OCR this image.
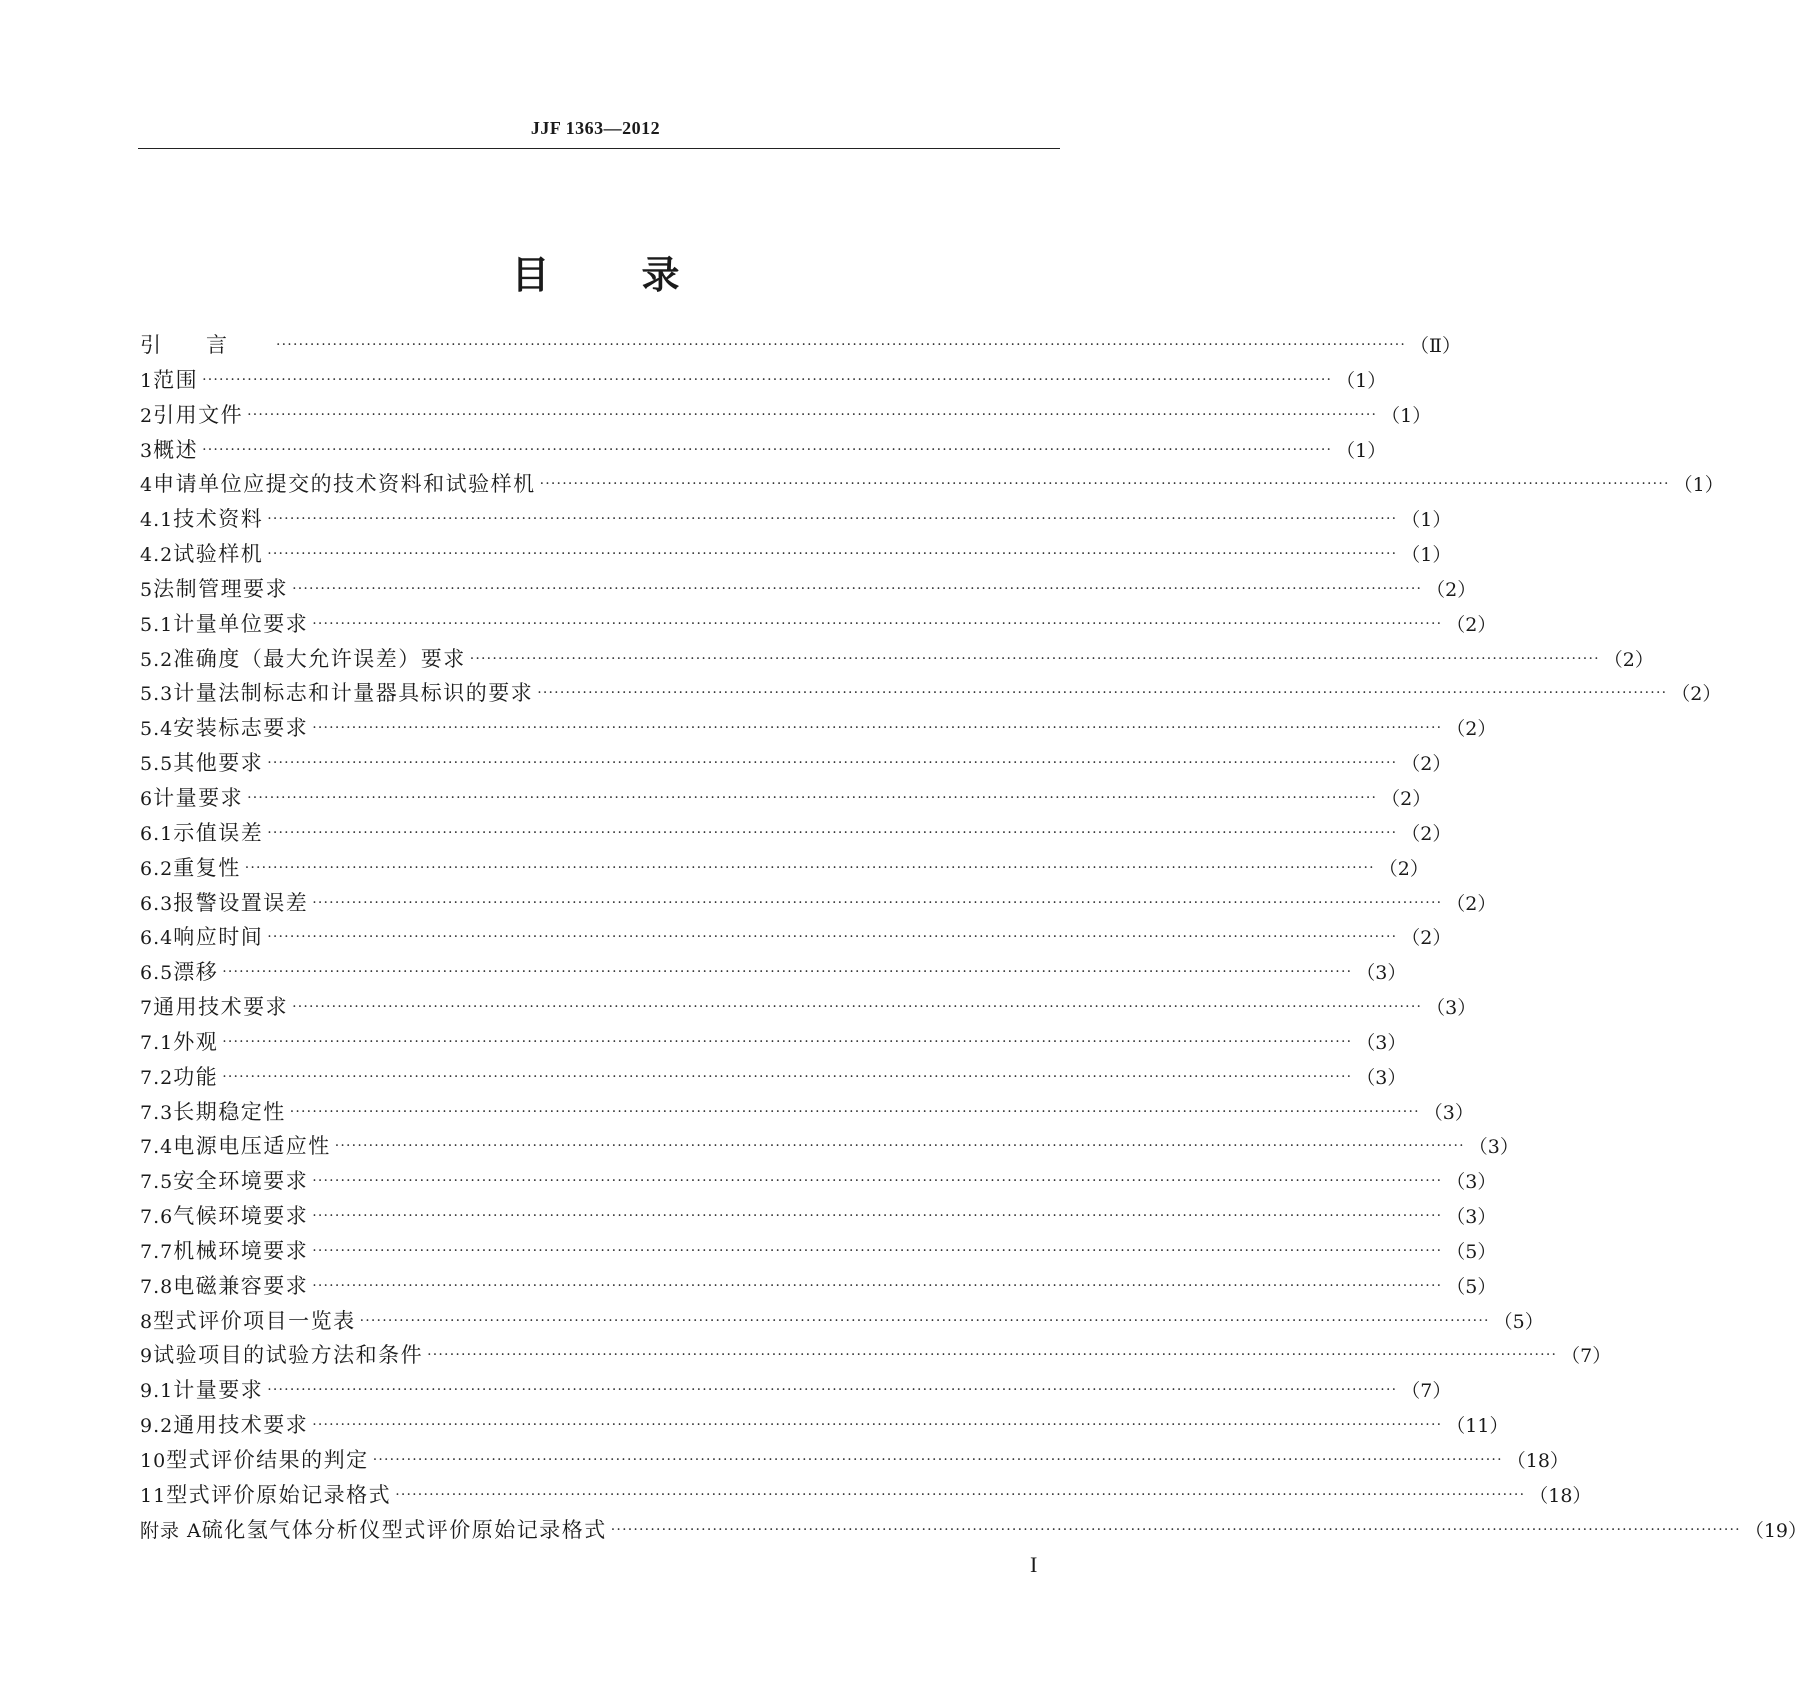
JJF 1363—2012
目 录
引言 ········································································································································································································ （Ⅱ）
1 范围 ········································································································································································································ （1）
2 引用文件 ········································································································································································································ （1）
3 概述 ········································································································································································································ （1）
4 申请单位应提交的技术资料和试验样机 ········································································································································································································ （1）
4.1 技术资料 ········································································································································································································ （1）
4.2 试验样机 ········································································································································································································ （1）
5 法制管理要求 ········································································································································································································ （2）
5.1 计量单位要求 ········································································································································································································ （2）
5.2 准确度（最大允许误差）要求 ········································································································································································································ （2）
5.3 计量法制标志和计量器具标识的要求 ········································································································································································································ （2）
5.4 安装标志要求 ········································································································································································································ （2）
5.5 其他要求 ········································································································································································································ （2）
6 计量要求 ········································································································································································································ （2）
6.1 示值误差 ········································································································································································································ （2）
6.2 重复性 ········································································································································································································ （2）
6.3 报警设置误差 ········································································································································································································ （2）
6.4 响应时间 ········································································································································································································ （2）
6.5 漂移 ········································································································································································································ （3）
7 通用技术要求 ········································································································································································································ （3）
7.1 外观 ········································································································································································································ （3）
7.2 功能 ········································································································································································································ （3）
7.3 长期稳定性 ········································································································································································································ （3）
7.4 电源电压适应性 ········································································································································································································ （3）
7.5 安全环境要求 ········································································································································································································ （3）
7.6 气候环境要求 ········································································································································································································ （3）
7.7 机械环境要求 ········································································································································································································ （5）
7.8 电磁兼容要求 ········································································································································································································ （5）
8 型式评价项目一览表 ········································································································································································································ （5）
9 试验项目的试验方法和条件 ········································································································································································································ （7）
9.1 计量要求 ········································································································································································································ （7）
9.2 通用技术要求 ········································································································································································································ （11）
10 型式评价结果的判定 ········································································································································································································ （18）
11 型式评价原始记录格式 ········································································································································································································ （18）
附录 A 硫化氢气体分析仪型式评价原始记录格式 ········································································································································································································ （19）
I
